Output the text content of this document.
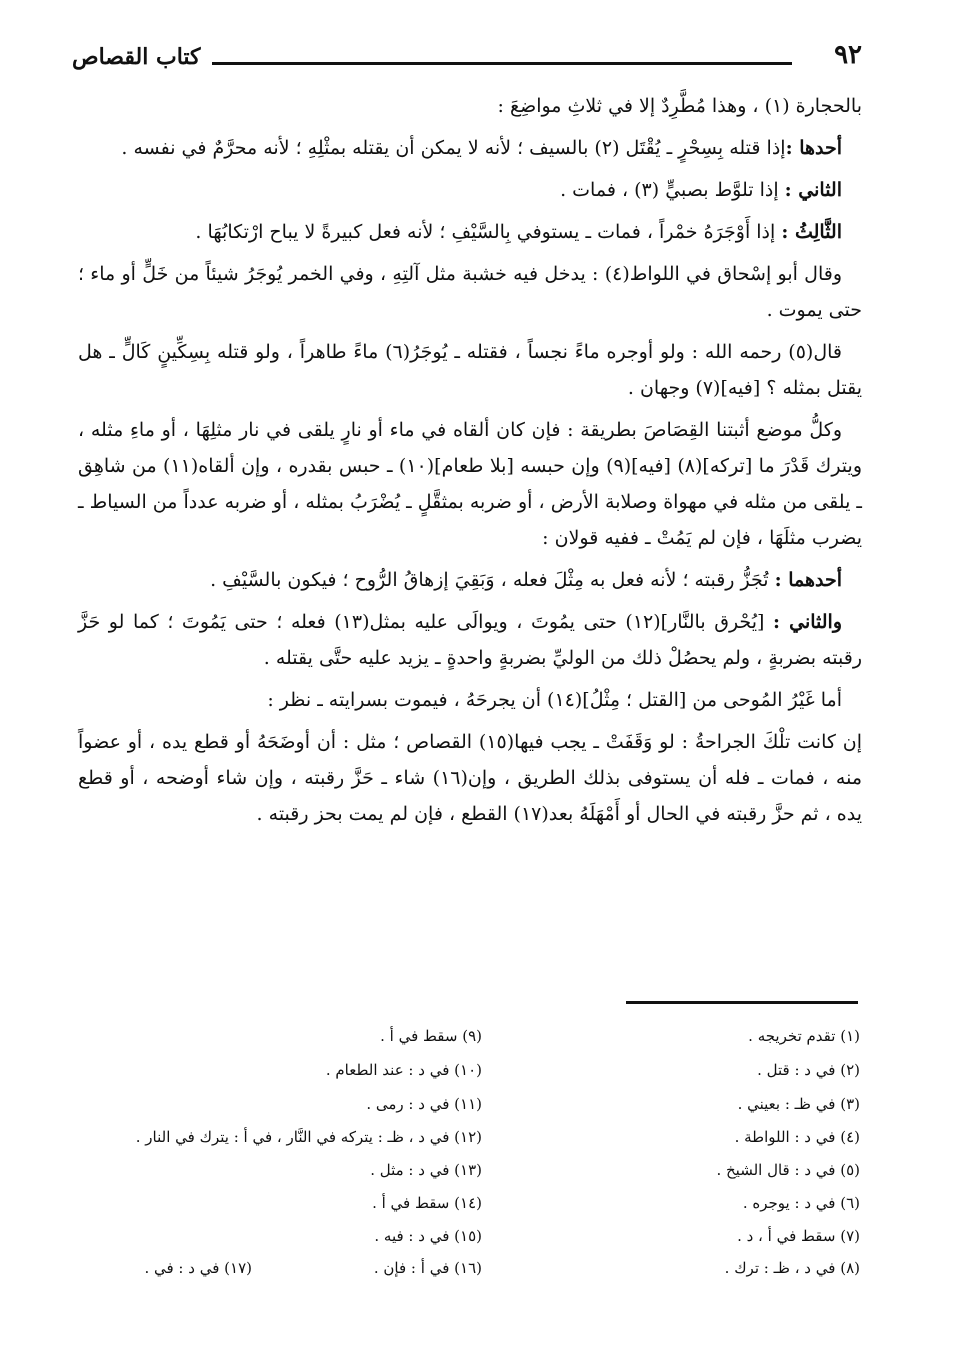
٩٢
كتاب القصاص

بالحجارة (١) ، وهذا مُطَّرِدٌ إلا في ثلاثِ مواضِعَ :

أحدها :إذا قتله بِسِحْرٍ ـ يُقْتَل (٢) بالسيف ؛ لأنه لا يمكن أن يقتله بمثْلِهِ ؛ لأنه محرَّمٌ في نفسه .

الثاني : إذا تلوَّط بصبيٍّ (٣) ، فمات .

الثَّالِثُ : إذا أَوْجَرَهُ خمْراً ، فمات ـ يستوفي بِالسَّيْفِ ؛ لأنه فعل كبيرةً لا يباح ارْتكابُهَا .

وقال أبو إسْحاق في اللواط(٤) : يدخل فيه خشبة مثل آلتِهِ ، وفي الخمر يُوجَرُ شيئاً من خَلٍّ أو ماء ؛ حتى يموت .

قال(٥) رحمه الله : ولو أوجره ماءً نجساً ، فقتله ـ يُوجَرُ(٦) ماءً طاهراً ، ولو قتله بِسِكِّينٍ كَالٍّ ـ هل يقتل بمثله ؟ [فيه](٧) وجهان .

وكلُّ موضع أثبتنا القِصَاصَ بطريقة : فإن كان ألقاه في ماء أو نارٍ يلقى في نار مثلِهَا ، أو ماءِ مثله ، ويترك قَدْرَ ما [تركه](٨) [فيه](٩) وإن حبسه [بلا طعام](١٠) ـ حبس بقدره ، وإن ألقاه(١١) من شاهِق ـ يلقى من مثله في مهواة وصلابة الأرض ، أو ضربه بمثقَّلٍ ـ يُضْرَبُ بمثله ، أو ضربه عدداً من السياط ـ يضرب مثلَهَا ، فإن لم يَمُتْ ـ ففيه قولان :

أحدهما : تُجَزُّ رقبته ؛ لأنه فعل به مِثْلَ فعله ، وَبَقِيَ إزهاقُ الرُّوح ؛ فيكون بالسَّيْفِ .

والثاني : [يُحْرق بالنَّار](١٢) حتى يمُوتَ ، ويوالَى عليه بمثل(١٣) فعله ؛ حتى يَمُوتَ ؛ كما لو حَزَّ رقبته بضربةٍ ، ولم يحصُلْ ذلك من الوليِّ بضربةٍ واحدةٍ ـ يزيد عليه حتَّى يقتله .

أما غَيْرُ المُوحى من [القتل ؛ مِثْلُ](١٤) أن يجرحَهُ ، فيموت بسرايته ـ نظر :

إن كانت تلْكَ الجراحةُ : لو وَقَفَتْ ـ يجب فيها(١٥) القصاص ؛ مثل : أن أوضَحَهُ أو قطع يده ، أو عضواً منه ، فمات ـ فله أن يستوفى بذلك الطريق ، وإن(١٦) شاء ـ حَزَّ رقبته ، وإن شاء أوضحه ، أو قطع يده ، ثم حزَّ رقبته في الحال أو أَمْهَلَهُ بعد(١٧) القطع ، فإن لم يمت بحز رقبته .

(١) تقدم تخريجه .
(٢) في د : قتل .
(٣) في ظـ : بعيني .
(٤) في د : اللواطة .
(٥) في د : قال الشيخ .
(٦) في د : يوجره .
(٧) سقط في أ ، د .
(٨) في د ، ظـ : ترك .
(٩) سقط في أ .
(١٠) في د : عند الطعام .
(١١) في د : رمى .
(١٢) في د ، ظـ : يتركه في النَّار ، في أ : يترك في النار .
(١٣) في د : مثل .
(١٤) سقط في أ .
(١٥) في د : فيه .
(١٦) في أ : فإن .
(١٧) في د : في .
